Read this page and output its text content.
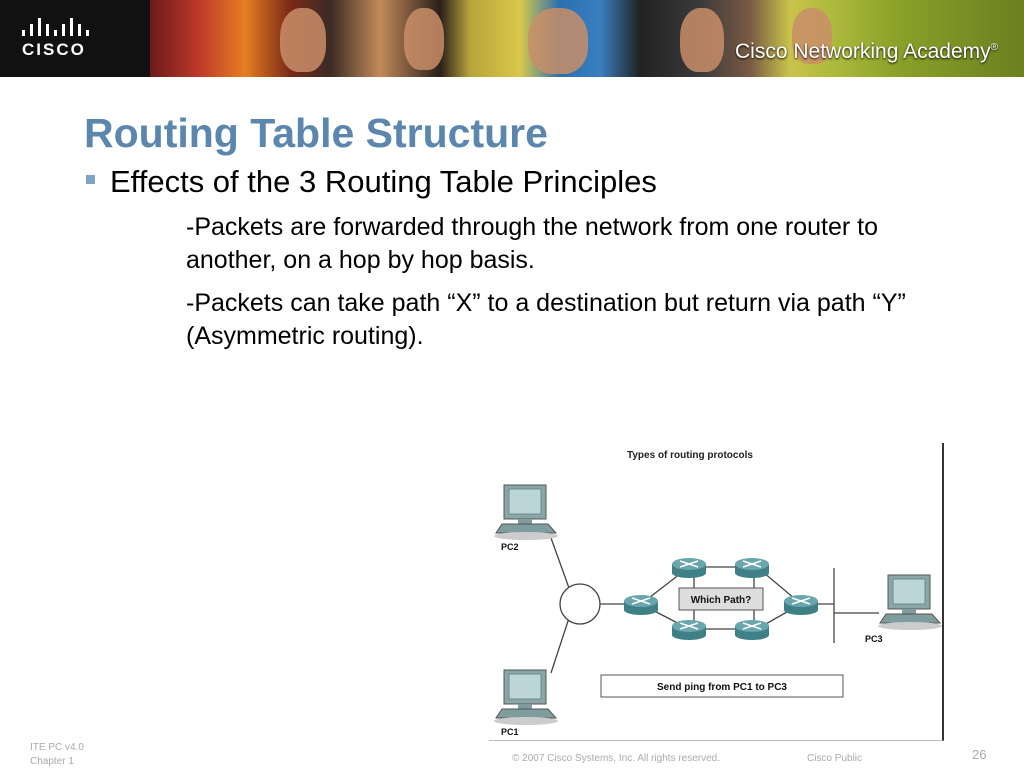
CISCO	Cisco Networking Academy®
Routing Table Structure
Effects of the 3 Routing Table Principles
-Packets are forwarded through the network from one router to another, on a hop by hop basis.
-Packets can take path “X” to a destination but return via path “Y” (Asymmetric routing).
Types of routing protocols
PC2
PC1
PC3
Which Path?
Send ping from PC1 to PC3
ITE PC v4.0
Chapter 1	© 2007 Cisco Systems, Inc. All rights reserved.	Cisco Public	26
